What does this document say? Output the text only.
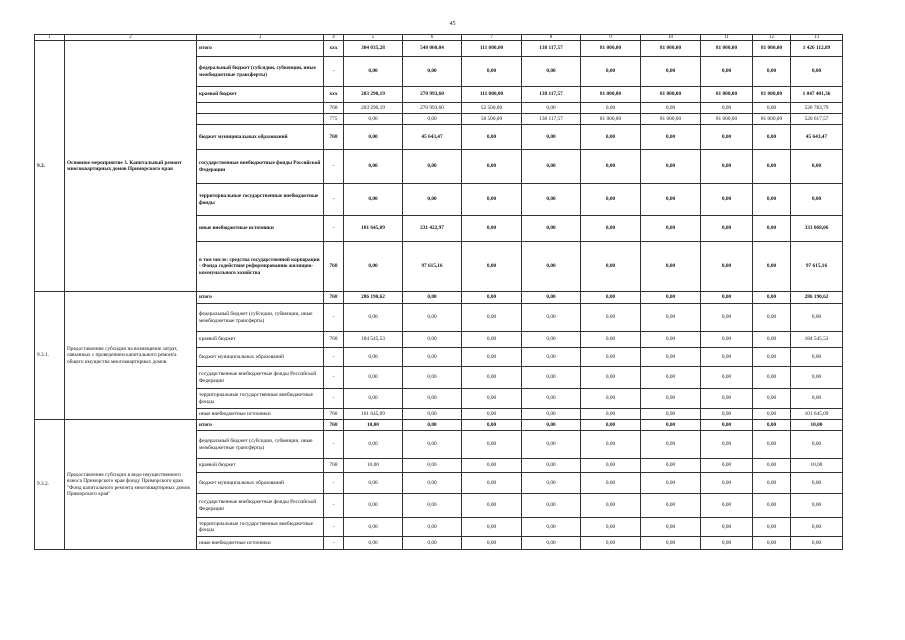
45
1	2	3	4	5	6	7	8	9	10	11	12	13
9.3.	Основное мероприятие 3. Капитальный ремонт многоквартирных домов Приморского края	итого	xxx	304 035,28	548 060,04	111 000,00	138 117,57	81 000,00	81 000,00	81 000,00	81 000,00	1 426 112,89
		федеральный бюджет (субсидии, субвенции, иные межбюджетные трансферты)	-	0,00	0,00	0,00	0,00	0,00	0,00	0,00	0,00	0,00
		краевой бюджет	xxx	203 290,19	270 993,60	111 000,00	138 117,57	81 000,00	81 000,00	81 000,00	81 000,00	1 047 401,36
			768	203 290,19	270 993,60	52 500,00	0,00	0,00	0,00	0,00	0,00	526 783,79
			775	0,00	0,00	58 500,00	138 117,57	81 000,00	81 000,00	81 000,00	81 000,00	520 617,57
		бюджет муниципальных образований	768	0,00	45 643,47	0,00	0,00	0,00	0,00	0,00	0,00	45 643,47
		государственные внебюджетные фонды Российской Федерации	-	0,00	0,00	0,00	0,00	0,00	0,00	0,00	0,00	0,00
		территориальные государственные внебюджетные фонды	-	0,00	0,00	0,00	0,00	0,00	0,00	0,00	0,00	0,00
		иные внебюджетные источники	-	101 645,09	231 422,97	0,00	0,00	0,00	0,00	0,00	0,00	333 068,06
		в том числе: средства государственной корпорации - Фонда содействия реформированию жилищно-коммунального хозяйства	768	0,00	97 615,16	0,00	0,00	0,00	0,00	0,00	0,00	97 615,16
9.3.1.	Предоставление субсидии на возмещение затрат, связанных с проведением капитального ремонта общего имущества многоквартирных домов	итого	768	286 190,62	0,00	0,00	0,00	0,00	0,00	0,00	0,00	286 190,62
		федеральный бюджет (субсидии, субвенции, иные межбюджетные трансферты)	-	0,00	0,00	0,00	0,00	0,00	0,00	0,00	0,00	0,00
		краевой бюджет	768	184 545,53	0,00	0,00	0,00	0,00	0,00	0,00	0,00	184 545,53
		бюджет муниципальных образований	-	0,00	0,00	0,00	0,00	0,00	0,00	0,00	0,00	0,00
		государственные внебюджетные фонды Российской Федерации	-	0,00	0,00	0,00	0,00	0,00	0,00	0,00	0,00	0,00
		территориальные государственные внебюджетные фонды	-	0,00	0,00	0,00	0,00	0,00	0,00	0,00	0,00	0,00
		иные внебюджетные источники	768	101 645,09	0,00	0,00	0,00	0,00	0,00	0,00	0,00	101 645,09
9.3.2.	Предоставление субсидии в виде имущественного взноса Приморского края фонду Приморского края "Фонд капитального ремонта многоквартирных домов Приморского края"	итого	768	10,00	0,00	0,00	0,00	0,00	0,00	0,00	0,00	10,00
		федеральный бюджет (субсидии, субвенции, иные межбюджетные трансферты)	-	0,00	0,00	0,00	0,00	0,00	0,00	0,00	0,00	0,00
		краевой бюджет	768	10,00	0,00	0,00	0,00	0,00	0,00	0,00	0,00	10,00
		бюджет муниципальных образований	-	0,00	0,00	0,00	0,00	0,00	0,00	0,00	0,00	0,00
		государственные внебюджетные фонды Российской Федерации	-	0,00	0,00	0,00	0,00	0,00	0,00	0,00	0,00	0,00
		территориальные государственные внебюджетные фонды	-	0,00	0,00	0,00	0,00	0,00	0,00	0,00	0,00	0,00
		иные внебюджетные источники	-	0,00	0,00	0,00	0,00	0,00	0,00	0,00	0,00	0,00
